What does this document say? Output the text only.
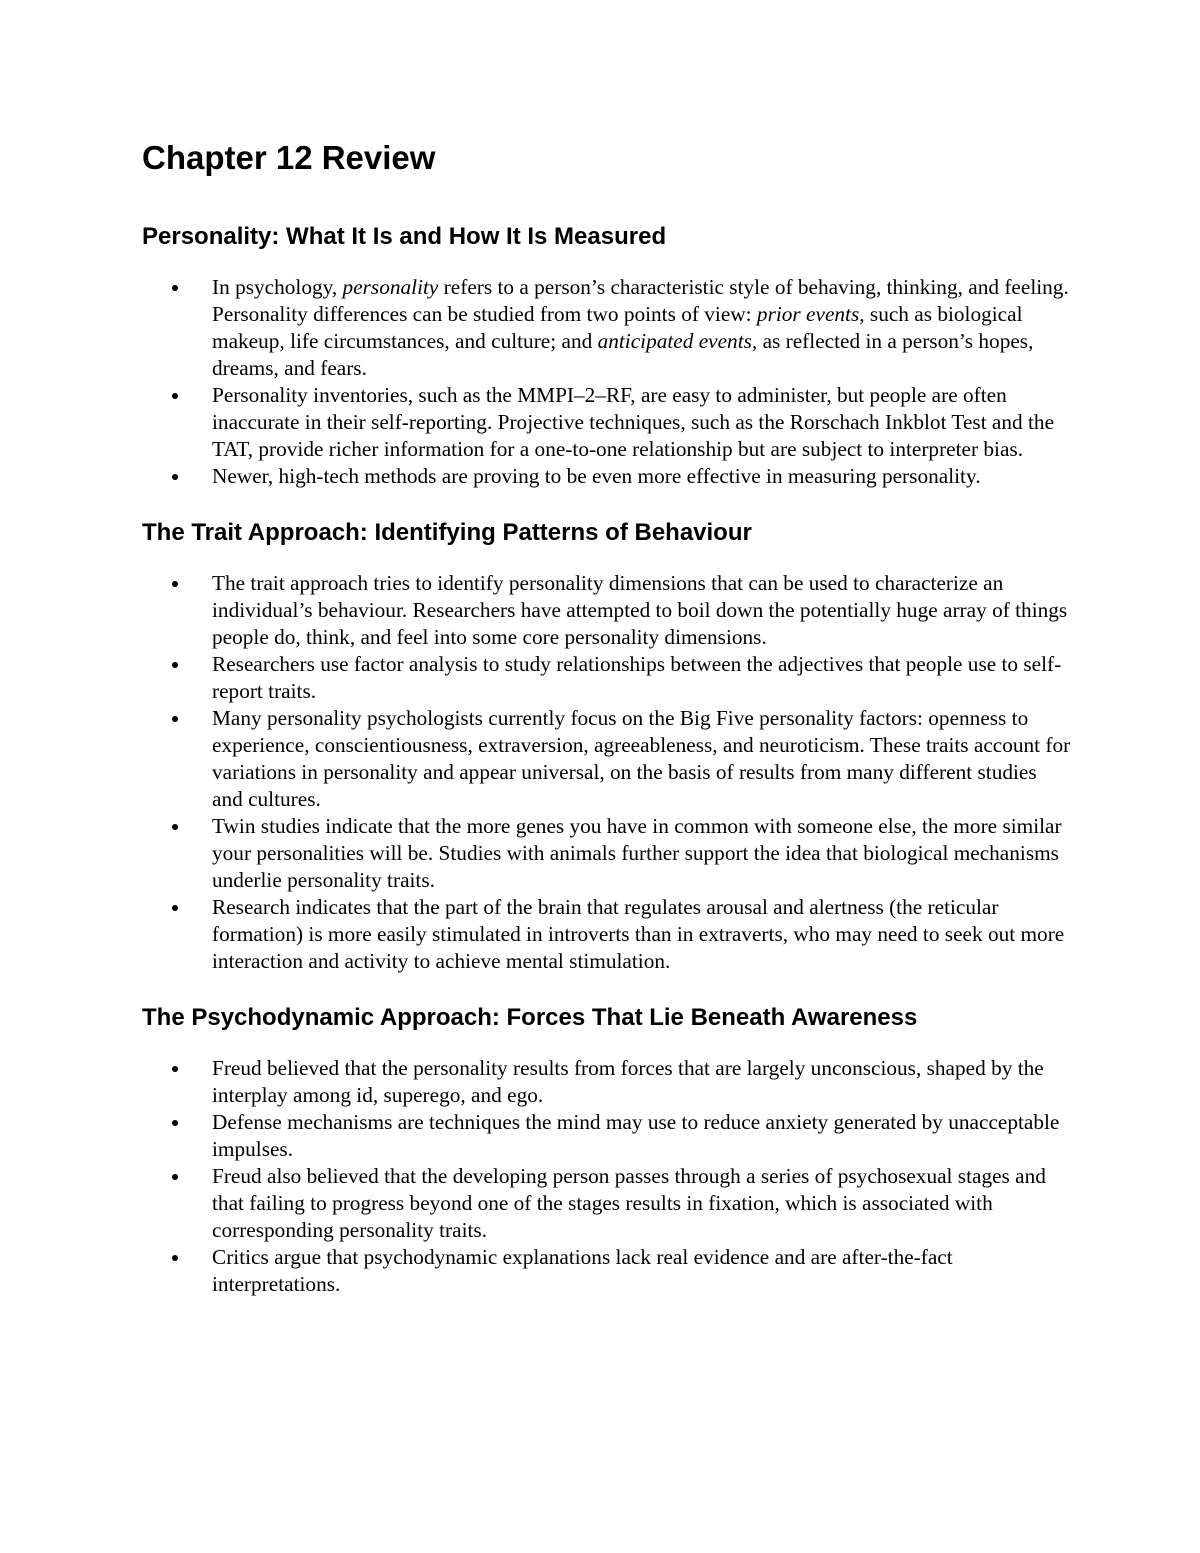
Chapter 12 Review
Personality: What It Is and How It Is Measured
In psychology, personality refers to a person’s characteristic style of behaving, thinking, and feeling. Personality differences can be studied from two points of view: prior events, such as biological makeup, life circumstances, and culture; and anticipated events, as reflected in a person’s hopes, dreams, and fears.
Personality inventories, such as the MMPI–2–RF, are easy to administer, but people are often inaccurate in their self-reporting. Projective techniques, such as the Rorschach Inkblot Test and the TAT, provide richer information for a one-to-one relationship but are subject to interpreter bias.
Newer, high-tech methods are proving to be even more effective in measuring personality.
The Trait Approach: Identifying Patterns of Behaviour
The trait approach tries to identify personality dimensions that can be used to characterize an individual’s behaviour. Researchers have attempted to boil down the potentially huge array of things people do, think, and feel into some core personality dimensions.
Researchers use factor analysis to study relationships between the adjectives that people use to self-report traits.
Many personality psychologists currently focus on the Big Five personality factors: openness to experience, conscientiousness, extraversion, agreeableness, and neuroticism. These traits account for variations in personality and appear universal, on the basis of results from many different studies and cultures.
Twin studies indicate that the more genes you have in common with someone else, the more similar your personalities will be. Studies with animals further support the idea that biological mechanisms underlie personality traits.
Research indicates that the part of the brain that regulates arousal and alertness (the reticular formation) is more easily stimulated in introverts than in extraverts, who may need to seek out more interaction and activity to achieve mental stimulation.
The Psychodynamic Approach: Forces That Lie Beneath Awareness
Freud believed that the personality results from forces that are largely unconscious, shaped by the interplay among id, superego, and ego.
Defense mechanisms are techniques the mind may use to reduce anxiety generated by unacceptable impulses.
Freud also believed that the developing person passes through a series of psychosexual stages and that failing to progress beyond one of the stages results in fixation, which is associated with corresponding personality traits.
Critics argue that psychodynamic explanations lack real evidence and are after-the-fact interpretations.
